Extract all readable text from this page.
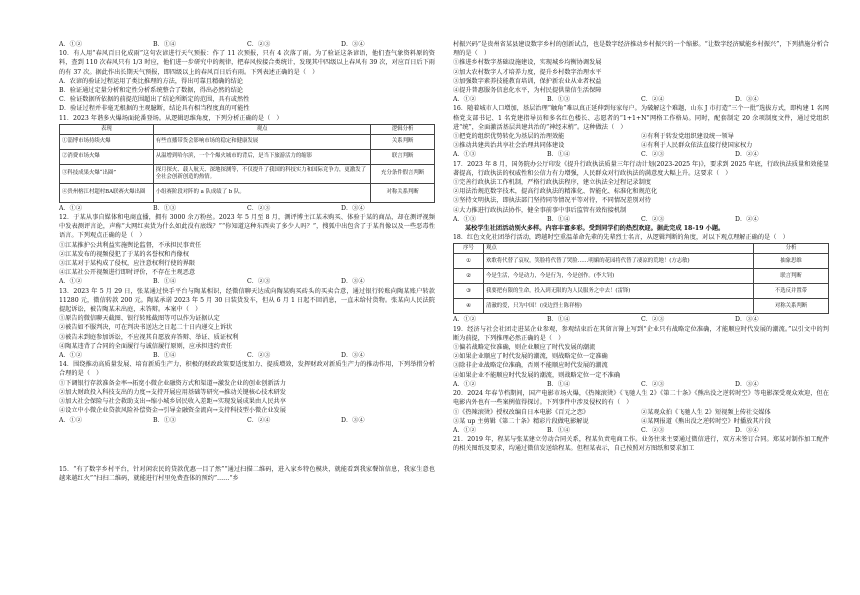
A．①②	B．①④	C．②③	D．③④

10．有人用“春风百日化成雨”这句农谚进行天气预报：作了 11 次预报，只有 4 次落了雨。为了验证这条谚语，他们查气象资料原的资料，查到 110 次春风只有 1/3 时应，他们进一步研究中的规律，把春风按接合类统计，发现其中四级以上春风有 39 次，对应百日后下雨的有 37 次。据此作出长期天气预报，即四级以上的春风百日后有雨。下列表述正确的是（　）

A．农谚的验证过程运用了类比推理的方法，得出可靠且精确的结论

B．验证通过定量分析和定性分析系统整合了数据，得出必然的结论

C．验证数据所依据的前提范围超出了结论所断定的范围，具有或然性

D．验证过程并非毫无根据的主观臆断，结论具有相当程度真的可能性

11．2023 年谐多火爆场面轮番登场。从逻辑思维角度，下列分析正确的是（　）

表现	观点	逻辑分析
①淄博市场持续火爆	有些直播带货会影响市场的稳定和健康发展	关系判断
②消费市场火爆	从温增到哈尔滨，一个个爆火城市的背后，是当下旅游活力的缩影	联言判断
③科技成果火爆“出圈”	探月探火、载人航天、深地探测等，不仅提升了我国的科技实力和国际竞争力，更激发了全社会创新创造的热情。	充分条件假言判断
④贵州榕江村超村BA联赛火爆出圈	小组赛阶段对阵的 a 队成绩了 b 队。	对称关系判断
A．①②	B．①③	C．②③	D．③④

12．于某从事自媒体和电商直播，拥有 3000 余万粉丝。2023 年 5 月至 8 月，测评博主江某未购买、体验于某的商品，却在测评视频中发表测评言论，声称“大网红卖货为什么如此没有底线？”“你知道这种东西卖了多少人吗？”，搜狐中出包含了于某肖像以及一些恶毒性语言。下列观点正确的是（　）

①江某推护公共利益实施舆论监督，不承担民事责任

②江某发布的视频侵犯了于某的名誉权和肖像权

③江某对于某构成了侵权，应注意权利行使的界限

④江某社公开视频进行即时评价，不存在主观恶意

A．①②	B．①④	C．②③	D．③④

13．2023 年 5 月 29 日，张某通过快手平台与陶某相识，经微信聊天达成向陶某购买砖头的买卖合意，通过银行转账向陶某账户转款 11280 元，微信转款 200 元。陶某承诺 2023 年 5 月 30 日装货发车，但从 6 月 1 日起不回消息，一直未给付货物。张某向人民法院提起诉讼，被告陶某未出庭，未答辩。本案中（　）

①原告的微信聊天截图、银行转账截图等可以作为证据认定

②被告如不服判决，可在判决书送达之日起二十日内递交上诉状

③被告未到庭参加诉讼，不应视其自愿放弃答辩、举证、质证权利

④陶某违背了合同的全面履行与诚信履行原则，应承担违约责任

A．①②	B．①④	C．②③	D．③④

14．围绕推动高质量发展、培育新质生产力，积极的财政政策要适度加力、提质增效，发挥财政对新质生产力的推动作用，下列举措分析合理的是（　）

①下调银行存款准备金率→拓宽小微企业融资方式和渠道→激发企业的创业创新活力

②加大财政投入科技支出的力度→支持开展应用基础等研究→推动关键核心技术研发

③加大社会保险与社会救助支出→缩小城乡居民收入差距→实现发展成果由人民共享

④设立中小微企业贷款风险补偿资金→引导金融资金流向→支持科技型小微企业发展

A．①②	B．①③	C．②④	D．③④

15．“有了数字乡村平台，针对闲农民的贷款优惠一目了然”“通过扫描二维码，进入家乡特色模块，就能看到我家餐馆信息，我家生意也越来越红火”“扫扫二维码，就能进行村里免费查体的预约”……“乡

村振兴码”是贵州省某县建设数字乡村的创新试点，也是数字经济推动乡村振兴的一个缩影。“让数字经济赋能乡村振兴”，下列措施分析合理的是（　）

①推进乡村数字基础设施建设，实现城乡均衡协调发展

②加大农村数字人才培养力度，提升乡村数字治理水平

③加强数字素养技能教育培训，保护新农业从业者权益

④提升普惠服务信息化水平，为村民提供量信生活保障

A．①②	B．①③	C．②④	D．③④

16．随着城市人口增加，基层治理“触角”难以真正延伸到每家每户。为破解这个难题，山东 J 市打造“三个一批”选拔方式，即构建 1 名网格党支部书记、1 名党建指导员和多名红色楼长、志愿者的“1+1+N”网格工作格局。同时，配套制定 20 余项制度文件，通过党组织进“统”，全面激活基层共建共治的“神经末梢”。这种做法（　）

①把党的组织优势转化为基层的治理效能	②有利于转发党组织建设统一领导
③推动共建共治共享社会治理共同体建设	④有利于人民群众依法直接行使国家权力
A．①③	B．①④	C．②③	D．②④

17．2023 年 8 月，国务院办公厅印发《提升行政执法质量三年行动计划(2023-2025 年)》，要求到 2025 年底，行政执法质量和效能显著提高，行政执法的权威性和公信力有力增强，人民群众对行政执法的满意度大幅上升。这要求（　）

①完善行政执法工作机制，严格行政执法程序，建立执法全过程记录制度

②用法治规范数字技术，提高行政执法的精准化、智能化、标准化和规范化

③坚持文明执法，即执法部门坚持同等情况平等对待，不同情况差别对待

④大力推进行政执法协作，健全事前事中事后监管有效衔接机制

A．①③	B．①④	C．②③	D．②④

某校学生社团活动别火多样。内容丰富多彩。受到同学们的热烈欢迎。据此完成 18-19 小题。

18．红色文化社团举行活动，跨越时空重温革命先辈的先辈烈士名言，从逻辑判断的角度，对以下观点理解正确的是（　）

序号	观点	分析
①	欢歌将代替了哀叹，笑脸将代替了哭脸……明媚的花园将代替了凄凉的荒地！(方志敏)	抽象思维
②	今是生活，今是动力，今是行为，今是创作。(李大钊)	联言判断
③	我要把有限的生命，投入到无限的为人民服务之中去！(雷锋)	不选反并置带
④	清澈的爱，只为中国！(戍边烈士陈祥榕)	对称关系判断
A．①②	B．①④	C．②③	D．③④

19．经济与社会社团走进某企业参观，参观结束后在其留言簿上写到“企业只有战略定位准确，才能顺应时代发展的潮流。”以引文中的判断为前提，下列推理必然正确的是（　）

①偏若战略定位准确，则企业顺应了时代发展的潮流

②如果企业顺应了时代发展的潮流，则战略定位一定准确

③除非企业战略定位准确，否则不能顺应时代发展的潮流

④如果企业不能顺应时代发展的潮流，则战略定位一定不准确

A．①②	B．①④	C．②③	D．③④

20．2024 年春节档期间，国产电影市场火爆，《热辣滚烫》《飞驰人生 2》《第二十条》《熊出没之逆转时空》等电影深受观众欢迎，但在电影内外也有一些案例值得探讨。下列事件中涉及侵权的有（　）

①《热辣滚烫》授权改编自日本电影《百元之恋》	②某观众拍《飞驰人生 2》短视频上传社交媒体
③某 up 主剪辑《第二十条》精彩片段做电影解说	④某网报道《熊出没之逆转时空》时播放其片段
A．①②	B．①④	C．②③	D．③④

21．2019 年，程某与张某建立劳动合同关系，程某负责电商工作。业务往来主要通过微信进行，双方未签订合同。郑某对制作加工配件的相关图纸及要求，均通过微信发送给程某。但程某表示，自己按照对方图纸和要求加工
